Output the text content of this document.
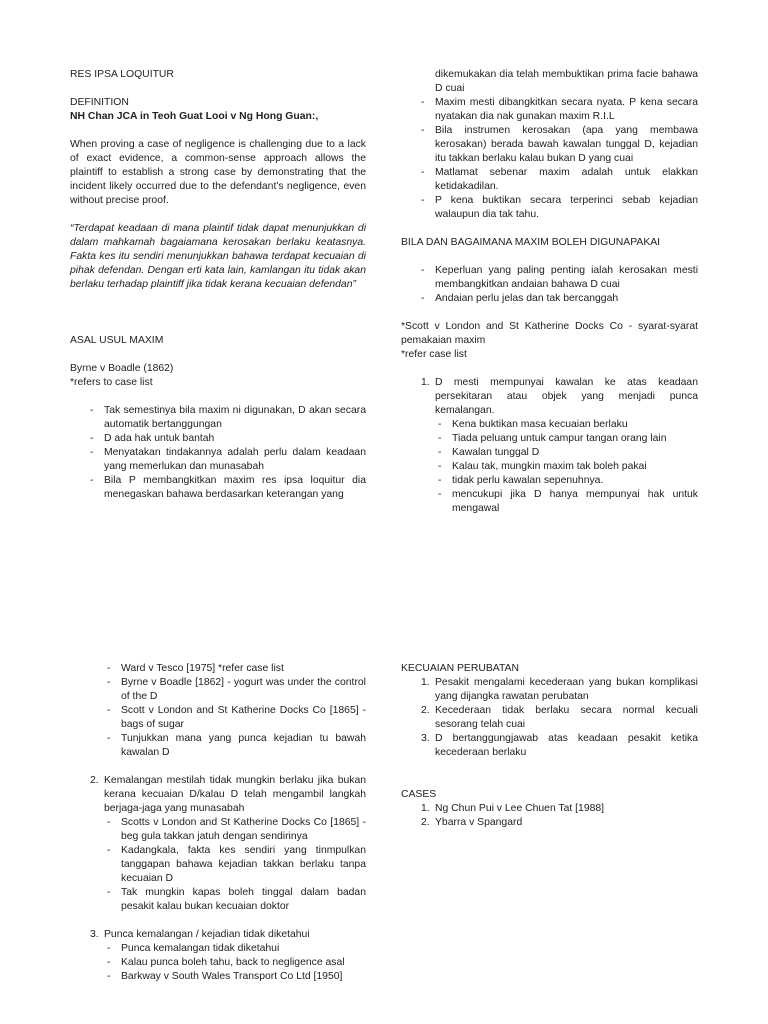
RES IPSA LOQUITUR

DEFINITION

NH Chan JCA in Teoh Guat Looi v Ng Hong Guan:,

When proving a case of negligence is challenging due to a lack of exact evidence, a common-sense approach allows the plaintiff to establish a strong case by demonstrating that the incident likely occurred due to the defendant's negligence, even without precise proof.

“Terdapat keadaan di mana plaintif tidak dapat menunjukkan di dalam mahkamah bagaiamana kerosakan berlaku keatasnya. Fakta kes itu sendiri menunjukkan bahawa terdapat kecuaian di pihak defendan. Dengan erti kata lain, kamlangan itu tidak akan berlaku terhadap plaintiff jika tidak kerana kecuaian defendan”

ASAL USUL MAXIM

Byrne v Boadle (1862)

*refers to case list

- Tak semestinya bila maxim ni digunakan, D akan secara automatik bertanggungan
- D ada hak untuk bantah
- Menyatakan tindakannya adalah perlu dalam keadaan yang memerlukan dan munasabah
- Bila P membangkitkan maxim res ipsa loquitur dia menegaskan bahawa berdasarkan keterangan yang
dikemukakan dia telah membuktikan prima facie bahawa D cuai
- Maxim mesti dibangkitkan secara nyata. P kena secara nyatakan dia nak gunakan maxim R.I.L
- Bila instrumen kerosakan (apa yang membawa kerosakan) berada bawah kawalan tunggal D, kejadian itu takkan berlaku kalau bukan D yang cuai
- Matlamat sebenar maxim adalah untuk elakkan ketidakadilan.
- P kena buktikan secara terperinci sebab kejadian walaupun dia tak tahu.

BILA DAN BAGAIMANA MAXIM BOLEH DIGUNAPAKAI

- Keperluan yang paling penting ialah kerosakan mesti membangkitkan andaian bahawa D cuai
- Andaian perlu jelas dan tak bercanggah

*Scott v London and St Katherine Docks Co - syarat-syarat pemakaian maxim

*refer case list

1. D mesti mempunyai kawalan ke atas keadaan persekitaran atau objek yang menjadi punca kemalangan.
- Kena buktikan masa kecuaian berlaku
- Tiada peluang untuk campur tangan orang lain
- Kawalan tunggal D
- Kalau tak, mungkin maxim tak boleh pakai
- tidak perlu kawalan sepenuhnya.
- mencukupi jika D hanya mempunyai hak untuk mengawal
- Ward v Tesco [1975] *refer case list
- Byrne v Boadle [1862] - yogurt was under the control of the D
- Scott v London and St Katherine Docks Co [1865] - bags of sugar
- Tunjukkan mana yang punca kejadian tu bawah kawalan D
2. Kemalangan mestilah tidak mungkin berlaku jika bukan kerana kecuaian D/kalau D telah mengambil langkah berjaga-jaga yang munasabah
- Scotts v London and St Katherine Docks Co [1865] - beg gula takkan jatuh dengan sendirinya
- Kadangkala, fakta kes sendiri yang tinmpulkan tanggapan bahawa kejadian takkan berlaku tanpa kecuaian D
- Tak mungkin kapas boleh tinggal dalam badan pesakit kalau bukan kecuaian doktor
3. Punca kemalangan / kejadian tidak diketahui
- Punca kemalangan tidak diketahui
- Kalau punca boleh tahu, back to negligence asal
- Barkway v South Wales Transport Co Ltd [1950]

KECUAIAN PERUBATAN

1. Pesakit mengalami kecederaan yang bukan komplikasi yang dijangka rawatan perubatan
2. Kecederaan tidak berlaku secara normal kecuali sesorang telah cuai
3. D bertanggungjawab atas keadaan pesakit ketika kecederaan berlaku

CASES

1. Ng Chun Pui v Lee Chuen Tat [1988]
2. Ybarra v Spangard
